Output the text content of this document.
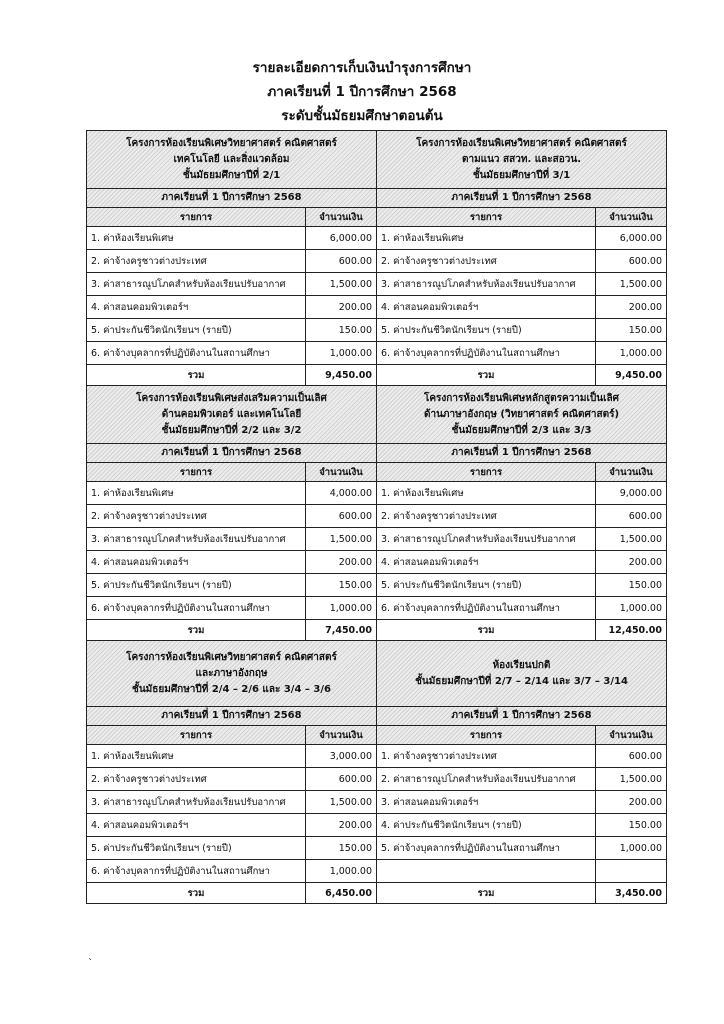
รายละเอียดการเก็บเงินบำรุงการศึกษา
ภาคเรียนที่ 1 ปีการศึกษา 2568
ระดับชั้นมัธยมศึกษาตอนต้น
โครงการห้องเรียนพิเศษวิทยาศาสตร์ คณิตศาสตร์
เทคโนโลยี และสิ่งแวดล้อม
ชั้นมัธยมศึกษาปีที่ 2/1
ภาคเรียนที่ 1 ปีการศึกษา 2568
รายการ	จำนวนเงิน
1. ค่าห้องเรียนพิเศษ	6,000.00
2. ค่าจ้างครูชาวต่างประเทศ	600.00
3. ค่าสาธารณูปโภคสำหรับห้องเรียนปรับอากาศ	1,500.00
4. ค่าสอนคอมพิวเตอร์ฯ	200.00
5. ค่าประกันชีวิตนักเรียนฯ (รายปี)	150.00
6. ค่าจ้างบุคลากรที่ปฏิบัติงานในสถานศึกษา	1,000.00
รวม	9,450.00
โครงการห้องเรียนพิเศษวิทยาศาสตร์ คณิตศาสตร์
ตามแนว สสวท. และสอวน.
ชั้นมัธยมศึกษาปีที่ 3/1
ภาคเรียนที่ 1 ปีการศึกษา 2568
รายการ	จำนวนเงิน
1. ค่าห้องเรียนพิเศษ	6,000.00
2. ค่าจ้างครูชาวต่างประเทศ	600.00
3. ค่าสาธารณูปโภคสำหรับห้องเรียนปรับอากาศ	1,500.00
4. ค่าสอนคอมพิวเตอร์ฯ	200.00
5. ค่าประกันชีวิตนักเรียนฯ (รายปี)	150.00
6. ค่าจ้างบุคลากรที่ปฏิบัติงานในสถานศึกษา	1,000.00
รวม	9,450.00
โครงการห้องเรียนพิเศษส่งเสริมความเป็นเลิศ
ด้านคอมพิวเตอร์ และเทคโนโลยี
ชั้นมัธยมศึกษาปีที่ 2/2 และ 3/2
ภาคเรียนที่ 1 ปีการศึกษา 2568
รายการ	จำนวนเงิน
1. ค่าห้องเรียนพิเศษ	4,000.00
2. ค่าจ้างครูชาวต่างประเทศ	600.00
3. ค่าสาธารณูปโภคสำหรับห้องเรียนปรับอากาศ	1,500.00
4. ค่าสอนคอมพิวเตอร์ฯ	200.00
5. ค่าประกันชีวิตนักเรียนฯ (รายปี)	150.00
6. ค่าจ้างบุคลากรที่ปฏิบัติงานในสถานศึกษา	1,000.00
รวม	7,450.00
โครงการห้องเรียนพิเศษหลักสูตรความเป็นเลิศ
ด้านภาษาอังกฤษ (วิทยาศาสตร์ คณิตศาสตร์)
ชั้นมัธยมศึกษาปีที่ 2/3 และ 3/3
ภาคเรียนที่ 1 ปีการศึกษา 2568
รายการ	จำนวนเงิน
1. ค่าห้องเรียนพิเศษ	9,000.00
2. ค่าจ้างครูชาวต่างประเทศ	600.00
3. ค่าสาธารณูปโภคสำหรับห้องเรียนปรับอากาศ	1,500.00
4. ค่าสอนคอมพิวเตอร์ฯ	200.00
5. ค่าประกันชีวิตนักเรียนฯ (รายปี)	150.00
6. ค่าจ้างบุคลากรที่ปฏิบัติงานในสถานศึกษา	1,000.00
รวม	12,450.00
โครงการห้องเรียนพิเศษวิทยาศาสตร์ คณิตศาสตร์
และภาษาอังกฤษ
ชั้นมัธยมศึกษาปีที่ 2/4 – 2/6 และ 3/4 – 3/6
ภาคเรียนที่ 1 ปีการศึกษา 2568
รายการ	จำนวนเงิน
1. ค่าห้องเรียนพิเศษ	3,000.00
2. ค่าจ้างครูชาวต่างประเทศ	600.00
3. ค่าสาธารณูปโภคสำหรับห้องเรียนปรับอากาศ	1,500.00
4. ค่าสอนคอมพิวเตอร์ฯ	200.00
5. ค่าประกันชีวิตนักเรียนฯ (รายปี)	150.00
6. ค่าจ้างบุคลากรที่ปฏิบัติงานในสถานศึกษา	1,000.00
รวม	6,450.00
ห้องเรียนปกติ
ชั้นมัธยมศึกษาปีที่ 2/7 – 2/14 และ 3/7 – 3/14
ภาคเรียนที่ 1 ปีการศึกษา 2568
รายการ	จำนวนเงิน
1. ค่าจ้างครูชาวต่างประเทศ	600.00
2. ค่าสาธารณูปโภคสำหรับห้องเรียนปรับอากาศ	1,500.00
3. ค่าสอนคอมพิวเตอร์ฯ	200.00
4. ค่าประกันชีวิตนักเรียนฯ (รายปี)	150.00
5. ค่าจ้างบุคลากรที่ปฏิบัติงานในสถานศึกษา	1,000.00

รวม	3,450.00
`
